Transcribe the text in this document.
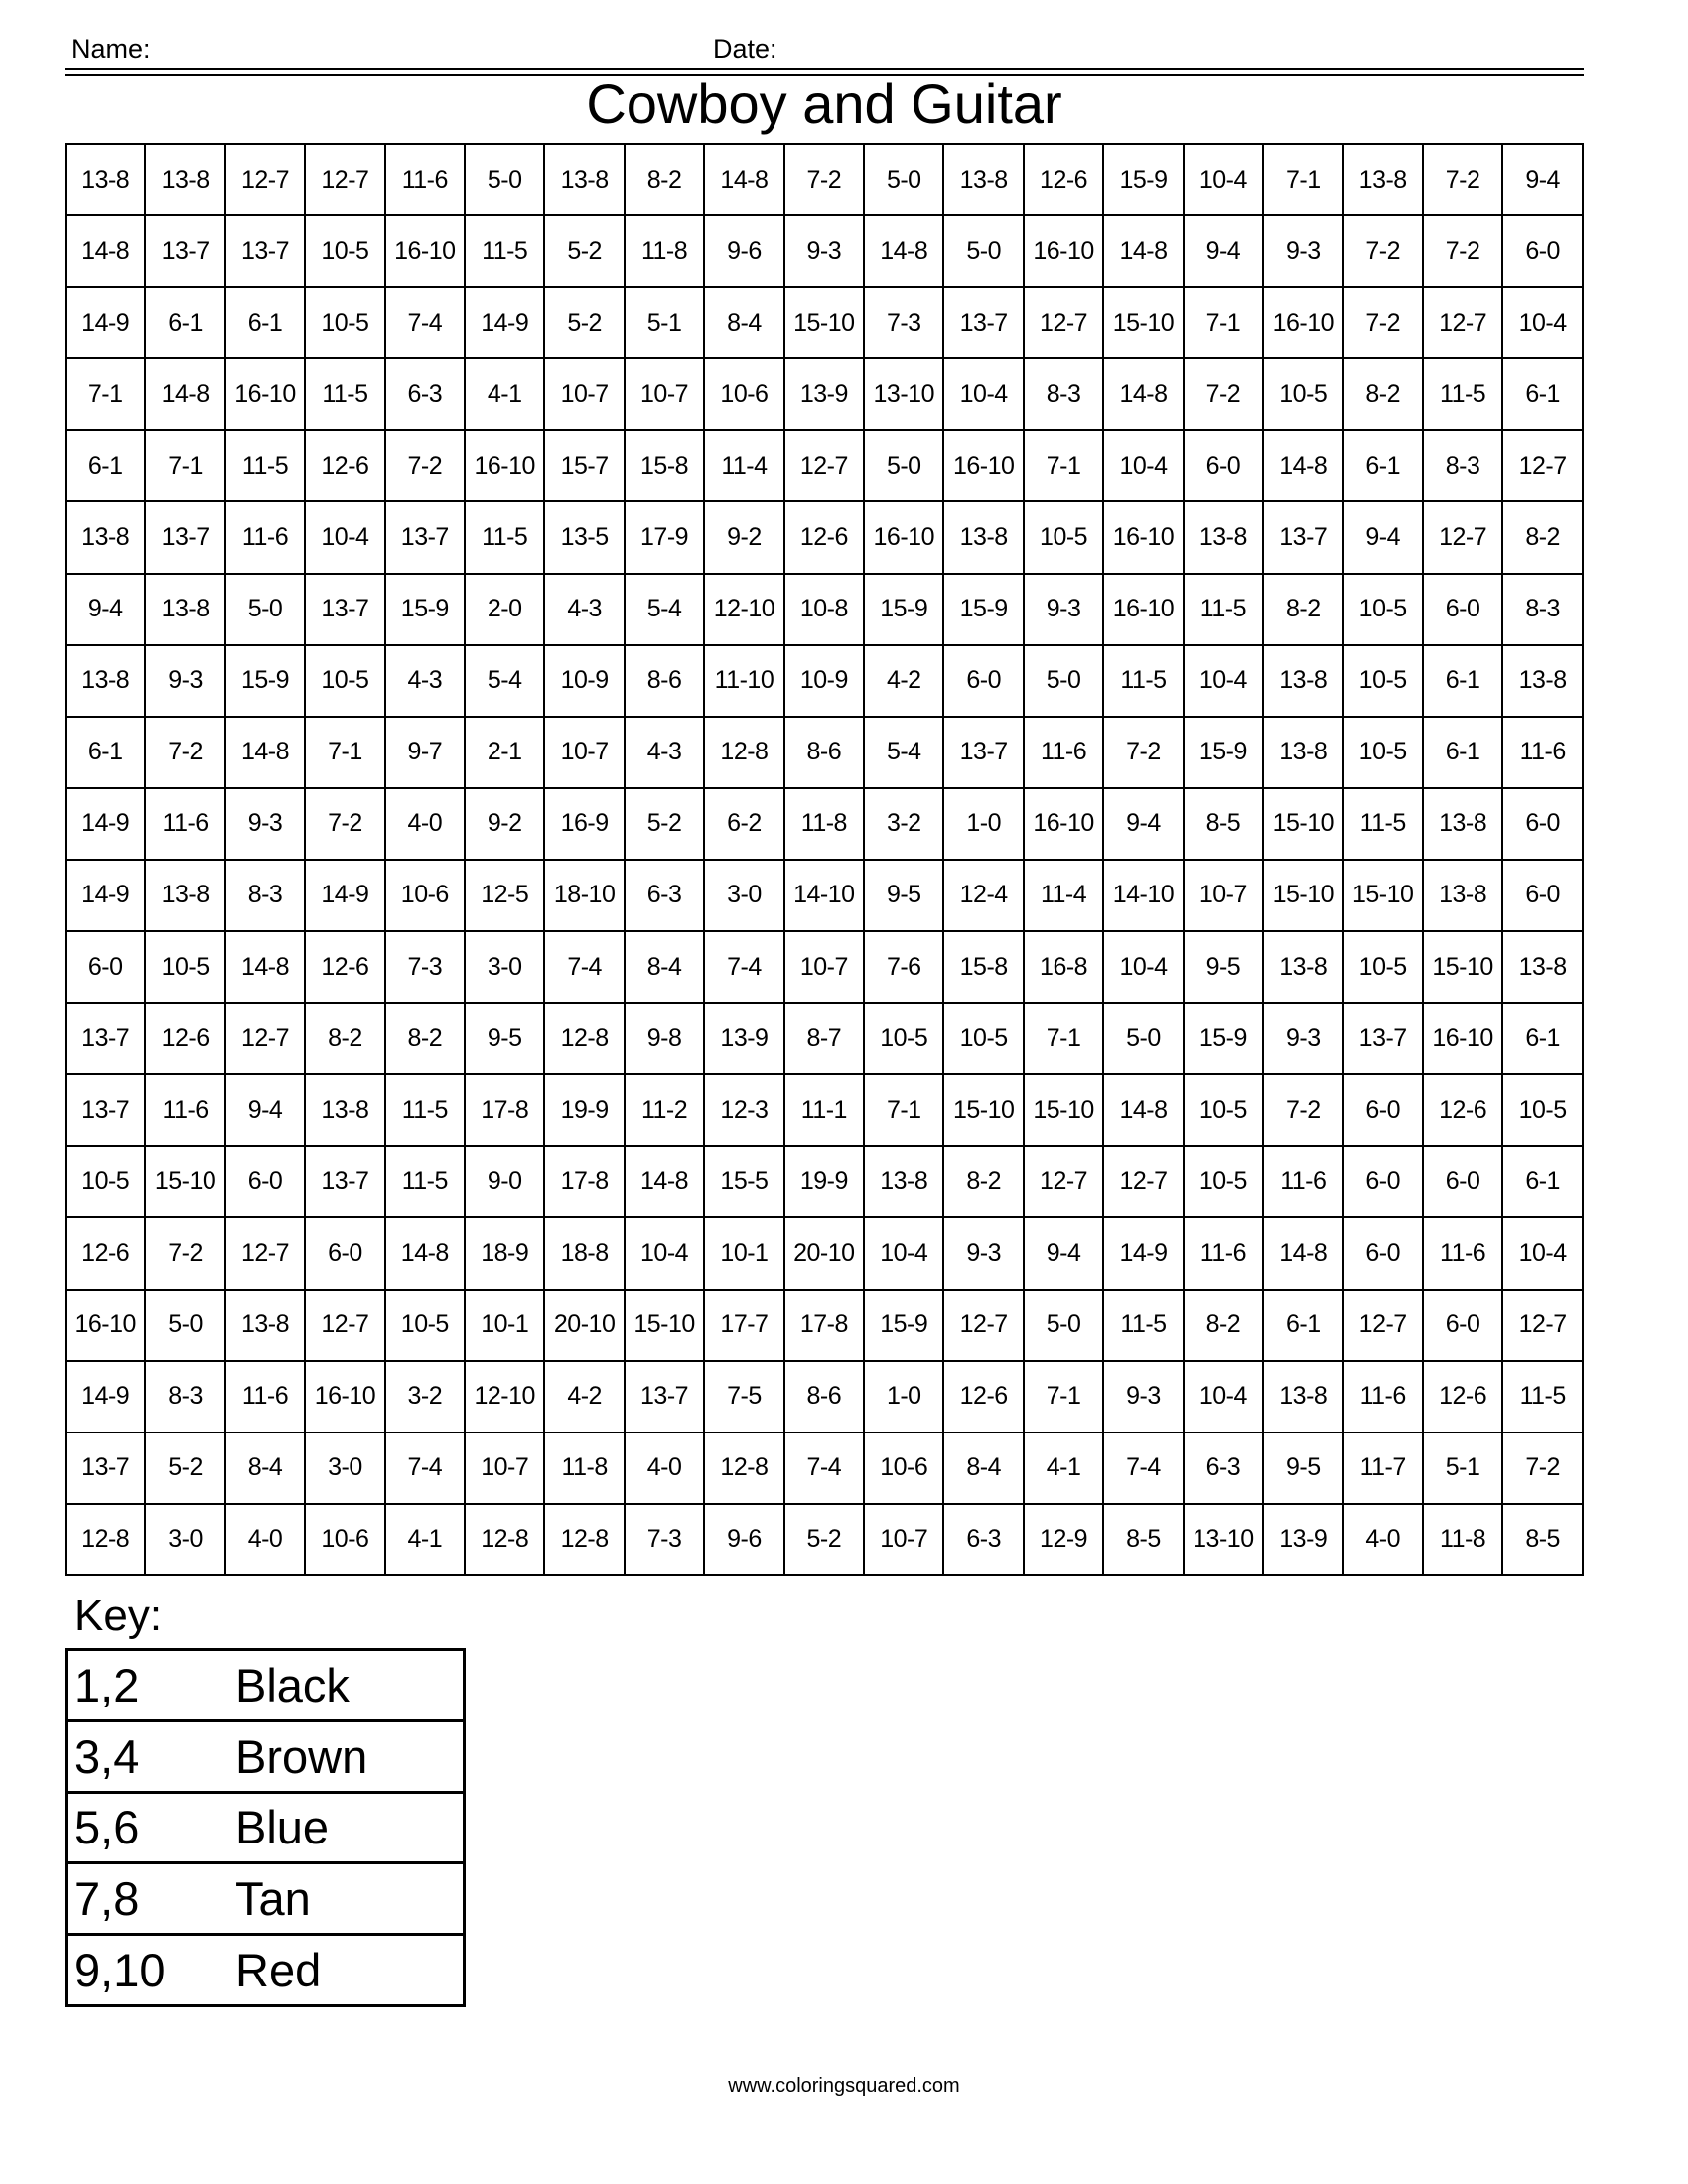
Name:	Date:
Cowboy and Guitar
13-8	13-8	12-7	12-7	11-6	5-0	13-8	8-2	14-8	7-2	5-0	13-8	12-6	15-9	10-4	7-1	13-8	7-2	9-4
14-8	13-7	13-7	10-5	16-10	11-5	5-2	11-8	9-6	9-3	14-8	5-0	16-10	14-8	9-4	9-3	7-2	7-2	6-0
14-9	6-1	6-1	10-5	7-4	14-9	5-2	5-1	8-4	15-10	7-3	13-7	12-7	15-10	7-1	16-10	7-2	12-7	10-4
7-1	14-8	16-10	11-5	6-3	4-1	10-7	10-7	10-6	13-9	13-10	10-4	8-3	14-8	7-2	10-5	8-2	11-5	6-1
6-1	7-1	11-5	12-6	7-2	16-10	15-7	15-8	11-4	12-7	5-0	16-10	7-1	10-4	6-0	14-8	6-1	8-3	12-7
13-8	13-7	11-6	10-4	13-7	11-5	13-5	17-9	9-2	12-6	16-10	13-8	10-5	16-10	13-8	13-7	9-4	12-7	8-2
9-4	13-8	5-0	13-7	15-9	2-0	4-3	5-4	12-10	10-8	15-9	15-9	9-3	16-10	11-5	8-2	10-5	6-0	8-3
13-8	9-3	15-9	10-5	4-3	5-4	10-9	8-6	11-10	10-9	4-2	6-0	5-0	11-5	10-4	13-8	10-5	6-1	13-8
6-1	7-2	14-8	7-1	9-7	2-1	10-7	4-3	12-8	8-6	5-4	13-7	11-6	7-2	15-9	13-8	10-5	6-1	11-6
14-9	11-6	9-3	7-2	4-0	9-2	16-9	5-2	6-2	11-8	3-2	1-0	16-10	9-4	8-5	15-10	11-5	13-8	6-0
14-9	13-8	8-3	14-9	10-6	12-5	18-10	6-3	3-0	14-10	9-5	12-4	11-4	14-10	10-7	15-10	15-10	13-8	6-0
6-0	10-5	14-8	12-6	7-3	3-0	7-4	8-4	7-4	10-7	7-6	15-8	16-8	10-4	9-5	13-8	10-5	15-10	13-8
13-7	12-6	12-7	8-2	8-2	9-5	12-8	9-8	13-9	8-7	10-5	10-5	7-1	5-0	15-9	9-3	13-7	16-10	6-1
13-7	11-6	9-4	13-8	11-5	17-8	19-9	11-2	12-3	11-1	7-1	15-10	15-10	14-8	10-5	7-2	6-0	12-6	10-5
10-5	15-10	6-0	13-7	11-5	9-0	17-8	14-8	15-5	19-9	13-8	8-2	12-7	12-7	10-5	11-6	6-0	6-0	6-1
12-6	7-2	12-7	6-0	14-8	18-9	18-8	10-4	10-1	20-10	10-4	9-3	9-4	14-9	11-6	14-8	6-0	11-6	10-4
16-10	5-0	13-8	12-7	10-5	10-1	20-10	15-10	17-7	17-8	15-9	12-7	5-0	11-5	8-2	6-1	12-7	6-0	12-7
14-9	8-3	11-6	16-10	3-2	12-10	4-2	13-7	7-5	8-6	1-0	12-6	7-1	9-3	10-4	13-8	11-6	12-6	11-5
13-7	5-2	8-4	3-0	7-4	10-7	11-8	4-0	12-8	7-4	10-6	8-4	4-1	7-4	6-3	9-5	11-7	5-1	7-2
12-8	3-0	4-0	10-6	4-1	12-8	12-8	7-3	9-6	5-2	10-7	6-3	12-9	8-5	13-10	13-9	4-0	11-8	8-5
Key:
1,2	Black
3,4	Brown
5,6	Blue
7,8	Tan
9,10	Red
www.coloringsquared.com
